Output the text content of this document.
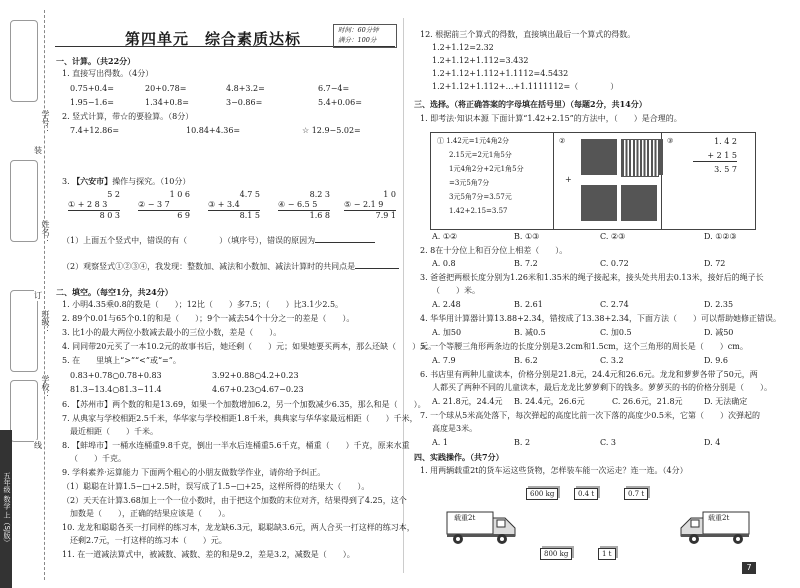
学号：
姓名：
班级：
学校：
装
订
线
五年级 数学 上（SJ版）
第四单元　综合素质达标	时间：60分钟
满分：100分
一、计算。（共22分）
1. 直接写出得数。（4分）
0.75+0.4=	20+0.78=	4.8+3.2=	6.7−4=
1.95−1.6=	1.34+0.8=	3−0.86=	5.4+0.06=
2. 竖式计算，带☆的要验算。（8分）
7.4+12.86=	10.84+4.36=	☆ 12.9−5.02=
3. 【六安市】操作与探究。（10分）
5 2
① + 2 8 3
8 0 3
1 0 6
② − 3 7
6 9
4.7 5
③ + 3.4
8.1 5
8.2 3
④ − 6.5 5
1.6 8
1 0
⑤ − 2.1 9
7.9 1
（1）上面五个竖式中，错误的有（　　　　）（填序号），错误的原因为
（2）观察竖式①②③④，我发现：整数加、减法和小数加、减法计算时的共同点是
二、填空。（每空1分，共24分）
1. 小明4.35乘0.8的数是（　　）；12比（　　）多7.5；（　　）比3.1少2.5。
2. 89个0.01与65个0.1的和是（　　）；9个一减去54个十分之一的差是（　　）。
3. 比1小的最大两位小数减去最小的三位小数，差是（　　）。
4. 同同带20元买了一本10.2元的故事书后，她还剩（　　）元；如果她要买两本，那么还缺（　　）元。
5. 在　　里填上“>”“<”或“=”。
0.83+0.78○0.78+0.83	3.92+0.88○4.2+0.23
81.3−13.4○81.3−11.4	4.67+0.23○4.67−0.23
6. 【苏州市】两个数的和是13.69，如果一个加数增加6.2，另一个加数减少6.35，那么和是（　　）。
7. 从典家与学校相距2.5千米，华华家与学校相距1.8千米，典典家与华华家最远相距（　　）千米，
最近相距（　　）千米。
8. 【蚌埠市】一桶水连桶重9.8千克，倒出一半水后连桶重5.6千克，桶重（　　）千克，原来水重
（　　）千克。
9. 学科素养·运算能力 下面两个粗心的小朋友做数学作业，请你给予纠正。
（1）聪聪在计算1.5−□+2.5时，误写成了1.5−□+25，这样所得的结果大（　　）。
（2）天天在计算3.68加上一个一位小数时，由于把这个加数的末位对齐，结果得到了4.25，这个
加数是（　　），正确的结果应该是（　　）。
10. 龙龙和聪聪各买一打同样的练习本，龙龙缺6.3元，聪聪缺3.6元，两人合买一打这样的练习本，
还剩2.7元，一打这样的练习本（　　）元。
11. 在一道减法算式中，被减数、减数、差的和是9.2，差是3.2，减数是（　　）。
12. 根据前三个算式的得数，直接填出最后一个算式的得数。
1.2+1.12=2.32
1.2+1.12+1.112=3.432
1.2+1.12+1.112+1.1112=4.5432
1.2+1.12+1.112+…+1.1111112=（　　　　）
三、选择。（将正确答案的字母填在括号里）（每题2分，共14分）
1. 即考法·知识本源 下面计算“1.42+2.15”的方法中，（　　）是合理的。
① 1.42元=1元4角2分
2.15元=2元1角5分
1元4角2分+2元1角5分
=3元5角7分
3元5角7分=3.57元
1.42+2.15=3.57
②
+
③	1. 4 2
+ 2 1 5
3. 5 7
A. ①②	B. ①③	C. ②③	D. ①②③
2. 8在十分位上和百分位上相差（　　）。
A. 0.8	B. 7.2	C. 0.72	D. 72
3. 爸爸把两根长度分别为1.26米和1.35米的绳子接起来，接头处共用去0.13米，接好后的绳子长
（　　）米。
A. 2.48	B. 2.61	C. 2.74	D. 2.35
4. 华华用计算器计算13.88+2.34，错按成了13.38+2.34，下面方法（　　）可以帮助她修正错误。
A. 加50	B. 减0.5	C. 加0.5	D. 减50
5. 一个等腰三角形两条边的长度分别是3.2cm和1.5cm，这个三角形的周长是（　　）cm。
A. 7.9	B. 6.2	C. 3.2	D. 9.6
6. 书店里有两种儿童读本，价格分别是21.8元，24.4元和26.6元。龙龙和萝萝各带了50元，两
人都买了两种不同的儿童读本，最后龙龙比萝萝剩下的钱多。萝萝买的书的价格分别是（　　）。
A. 21.8元，24.4元 B. 24.4元，26.6元	C. 26.6元，21.8元	D. 无法确定
7. 一个球从5米高处落下，每次弹起的高度比前一次下落的高度少0.5米，它第（　　）次弹起的
高度是3米。
A. 1	B. 2	C. 3	D. 4
四、实践操作。（共7分）
1. 用两辆载重2t的货车运这些货物，怎样装车能一次运走？连一连。（4分）
600 kg	0.4 t	0.7 t
800 kg	1 t
载重2t	载重2t
7
